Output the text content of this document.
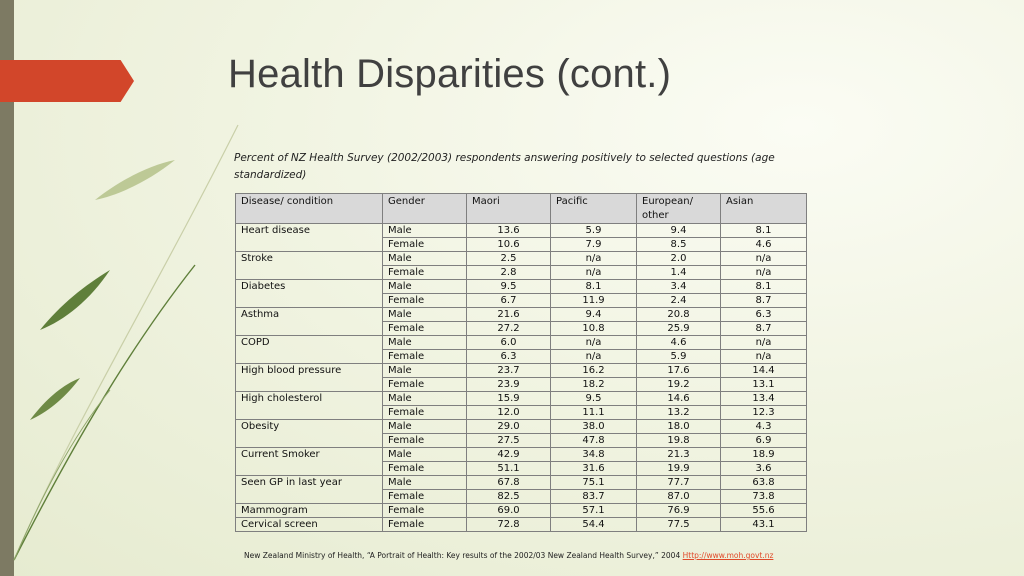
Health Disparities (cont.)
Percent of NZ Health Survey (2002/2003) respondents answering positively to selected questions (age standardized)
Disease/ condition	Gender	Maori	Pacific	European/ other	Asian
Heart disease	Male	13.6	5.9	9.4	8.1
	Female	10.6	7.9	8.5	4.6
Stroke	Male	2.5	n/a	2.0	n/a
	Female	2.8	n/a	1.4	n/a
Diabetes	Male	9.5	8.1	3.4	8.1
	Female	6.7	11.9	2.4	8.7
Asthma	Male	21.6	9.4	20.8	6.3
	Female	27.2	10.8	25.9	8.7
COPD	Male	6.0	n/a	4.6	n/a
	Female	6.3	n/a	5.9	n/a
High blood pressure	Male	23.7	16.2	17.6	14.4
	Female	23.9	18.2	19.2	13.1
High cholesterol	Male	15.9	9.5	14.6	13.4
	Female	12.0	11.1	13.2	12.3
Obesity	Male	29.0	38.0	18.0	4.3
	Female	27.5	47.8	19.8	6.9
Current Smoker	Male	42.9	34.8	21.3	18.9
	Female	51.1	31.6	19.9	3.6
Seen GP in last year	Male	67.8	75.1	77.7	63.8
	Female	82.5	83.7	87.0	73.8
Mammogram	Female	69.0	57.1	76.9	55.6
Cervical screen	Female	72.8	54.4	77.5	43.1
New Zealand Ministry of Health, “A Portrait of Health: Key results of the 2002/03 New Zealand Health Survey,” 2004 Http://www.moh.govt.nz
